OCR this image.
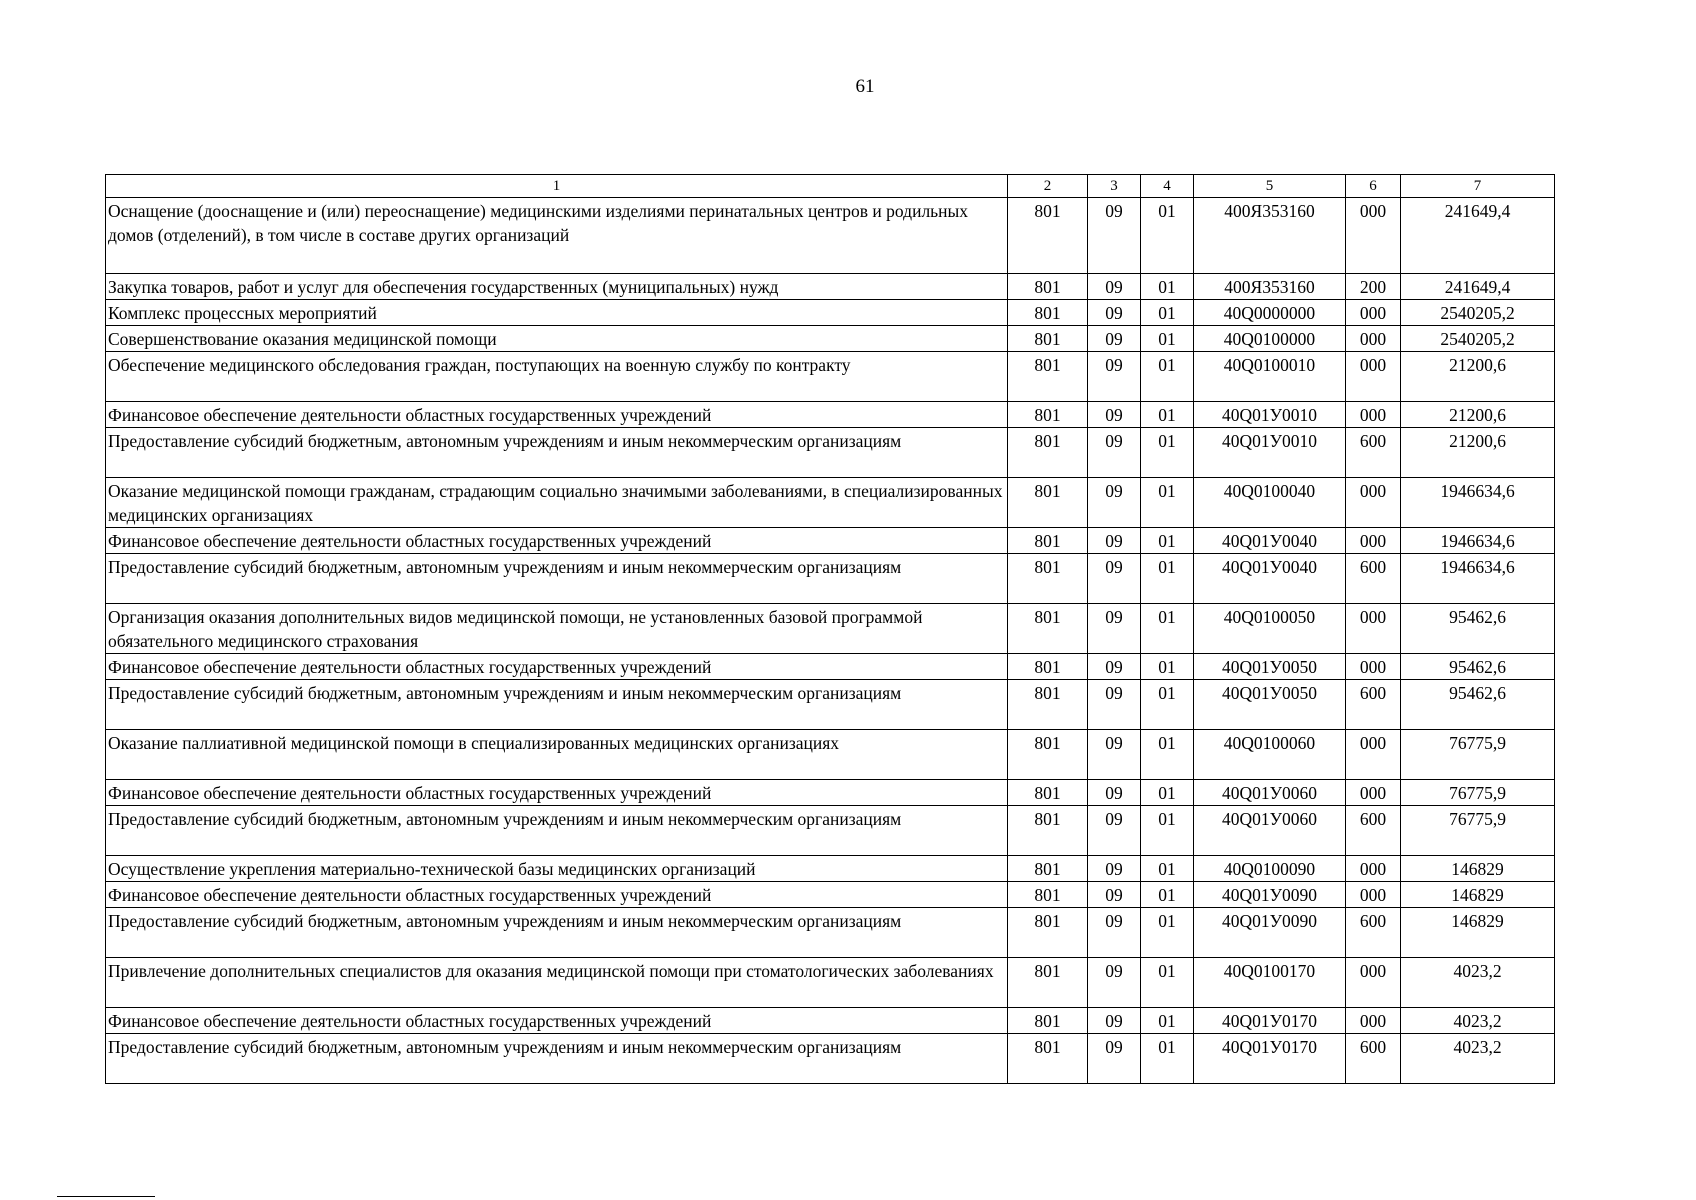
61
1	2	3	4	5	6	7
Оснащение (дооснащение и (или) переоснащение) медицинскими изделиями перинатальных центров и родильных домов (отделений), в том числе в составе других организаций	801	09	01	400Я353160	000	241649,4
Закупка товаров, работ и услуг для обеспечения государственных (муниципальных) нужд	801	09	01	400Я353160	200	241649,4
Комплекс процессных мероприятий	801	09	01	40Q0000000	000	2540205,2
Совершенствование оказания медицинской помощи	801	09	01	40Q0100000	000	2540205,2
Обеспечение медицинского обследования граждан, поступающих на военную службу по контракту	801	09	01	40Q0100010	000	21200,6
Финансовое обеспечение деятельности областных государственных учреждений	801	09	01	40Q01У0010	000	21200,6
Предоставление субсидий бюджетным, автономным учреждениям и иным некоммерческим организациям	801	09	01	40Q01У0010	600	21200,6
Оказание медицинской помощи гражданам, страдающим социально значимыми заболеваниями, в специализированных медицинских организациях	801	09	01	40Q0100040	000	1946634,6
Финансовое обеспечение деятельности областных государственных учреждений	801	09	01	40Q01У0040	000	1946634,6
Предоставление субсидий бюджетным, автономным учреждениям и иным некоммерческим организациям	801	09	01	40Q01У0040	600	1946634,6
Организация оказания дополнительных видов медицинской помощи, не установленных базовой программой обязательного медицинского страхования	801	09	01	40Q0100050	000	95462,6
Финансовое обеспечение деятельности областных государственных учреждений	801	09	01	40Q01У0050	000	95462,6
Предоставление субсидий бюджетным, автономным учреждениям и иным некоммерческим организациям	801	09	01	40Q01У0050	600	95462,6
Оказание паллиативной медицинской помощи в специализированных медицинских организациях	801	09	01	40Q0100060	000	76775,9
Финансовое обеспечение деятельности областных государственных учреждений	801	09	01	40Q01У0060	000	76775,9
Предоставление субсидий бюджетным, автономным учреждениям и иным некоммерческим организациям	801	09	01	40Q01У0060	600	76775,9
Осуществление укрепления материально-технической базы медицинских организаций	801	09	01	40Q0100090	000	146829
Финансовое обеспечение деятельности областных государственных учреждений	801	09	01	40Q01У0090	000	146829
Предоставление субсидий бюджетным, автономным учреждениям и иным некоммерческим организациям	801	09	01	40Q01У0090	600	146829
Привлечение дополнительных специалистов для оказания медицинской помощи при стоматологических заболеваниях	801	09	01	40Q0100170	000	4023,2
Финансовое обеспечение деятельности областных государственных учреждений	801	09	01	40Q01У0170	000	4023,2
Предоставление субсидий бюджетным, автономным учреждениям и иным некоммерческим организациям	801	09	01	40Q01У0170	600	4023,2
